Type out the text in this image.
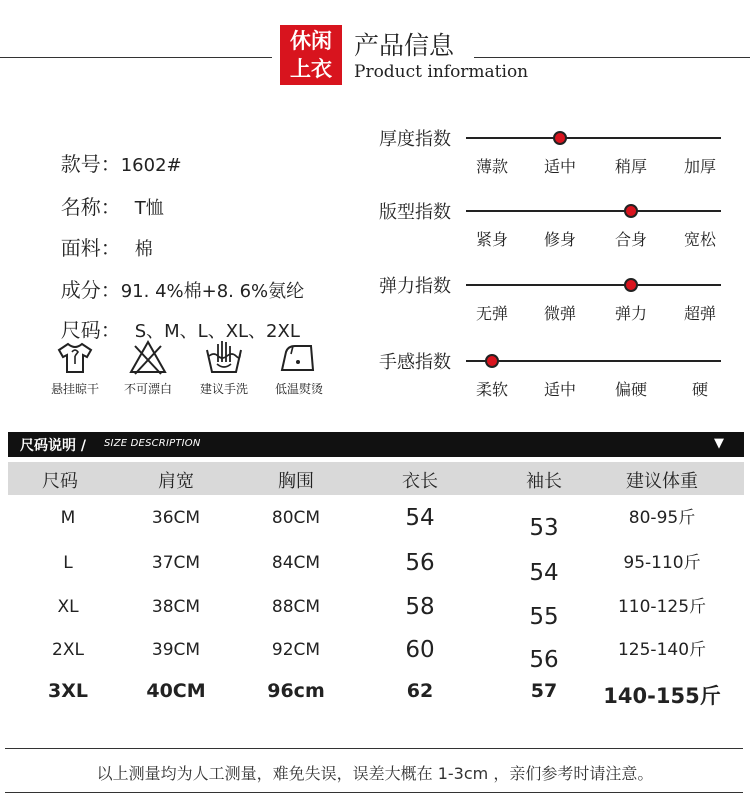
休闲
上衣
产品信息
Product information

款号：1602#

名称： T恤

面料： 棉

成分：91. 4%棉+8. 6%氨纶

尺码： S、M、L、XL、2XL

悬挂晾干	不可漂白	建议手洗	低温熨烫
厚度指数
薄款 适中 稍厚 加厚
版型指数
紧身 修身 合身 宽松
弹力指数
无弹 微弹 弹力 超弹
手感指数
柔软 适中 偏硬	硬
尺码说明 / SIZE DESCRIPTION	▼
尺码	肩宽	胸围	衣长	袖长	建议体重
M	36CM	80CM	54	53	80-95斤
L	37CM	84CM	56	54	95-110斤
XL	38CM	88CM	58	55	110-125斤
2XL	39CM	92CM	60	56	125-140斤
3XL	40CM	96cm	62	57 140-155斤
以上测量均为人工测量，难免失误，误差大概在 1-3cm ，亲们参考时请注意。
